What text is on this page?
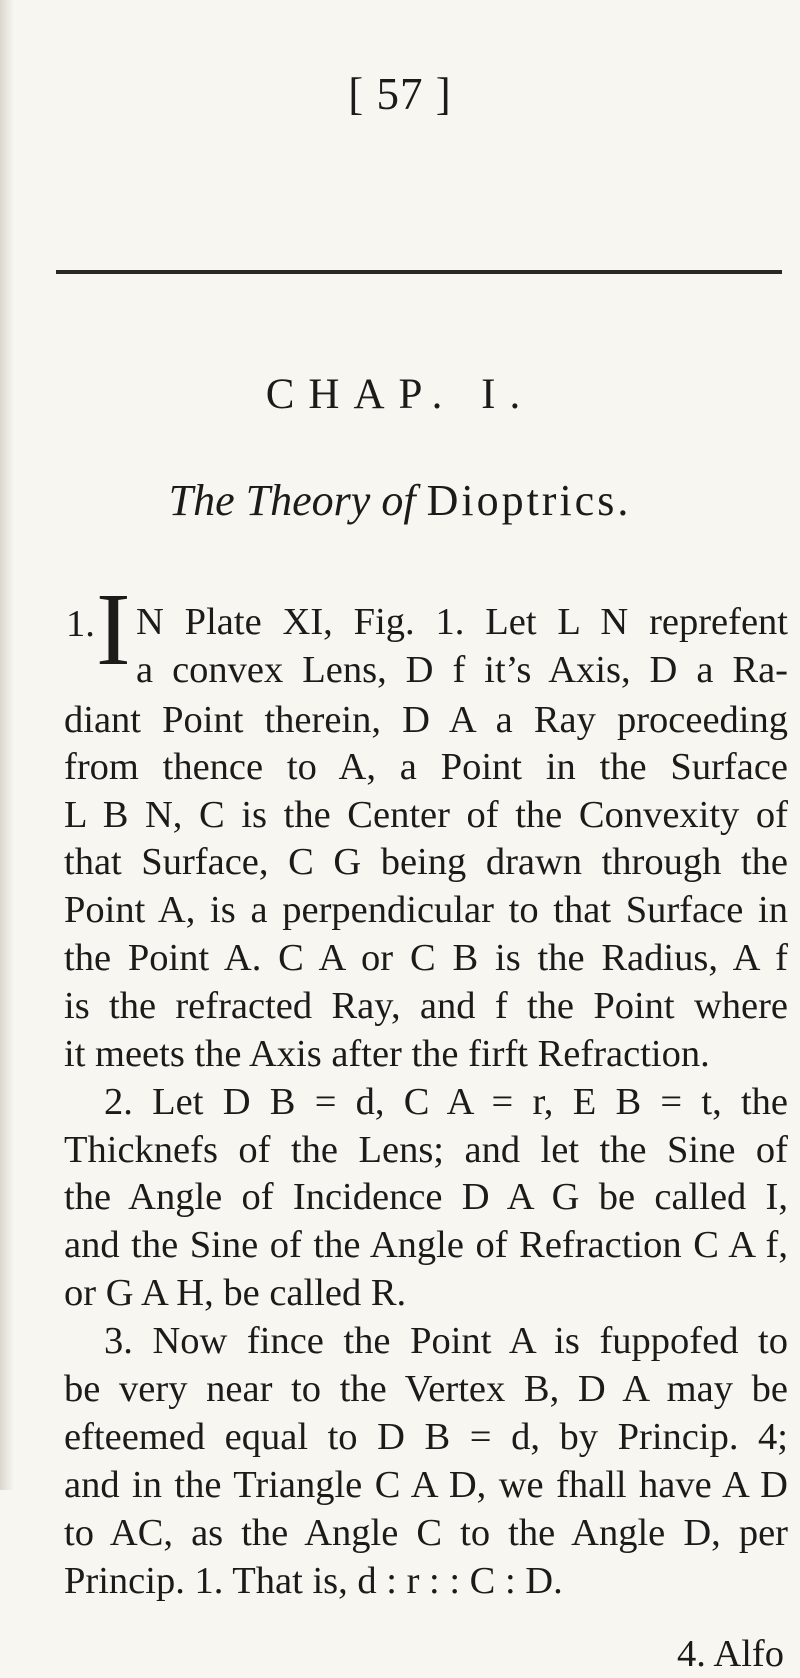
[ 57 ]
CHAP. I.
The Theory of Dioptrics.
1. I N Plate XI, Fig. 1. Let L N reprefent
a convex Lens, D f it’s Axis, D a Ra-
diant Point therein, D A a Ray proceeding
from thence to A, a Point in the Surface
L B N, C is the Center of the Convexity of
that Surface, C G being drawn through the
Point A, is a perpendicular to that Surface in
the Point A. C A or C B is the Radius, A f
is the refracted Ray, and f the Point where
it meets the Axis after the firft Refraction.
2. Let D B = d, C A = r, E B = t, the
Thicknefs of the Lens; and let the Sine of
the Angle of Incidence D A G be called I,
and the Sine of the Angle of Refraction C A f,
or G A H, be called R.
3. Now fince the Point A is fuppofed to
be very near to the Vertex B, D A may be
efteemed equal to D B = d, by Princip. 4;
and in the Triangle C A D, we fhall have A D
to AC, as the Angle C to the Angle D, per
Princip. 1. That is, d : r : : C : D.
4. Alfo
